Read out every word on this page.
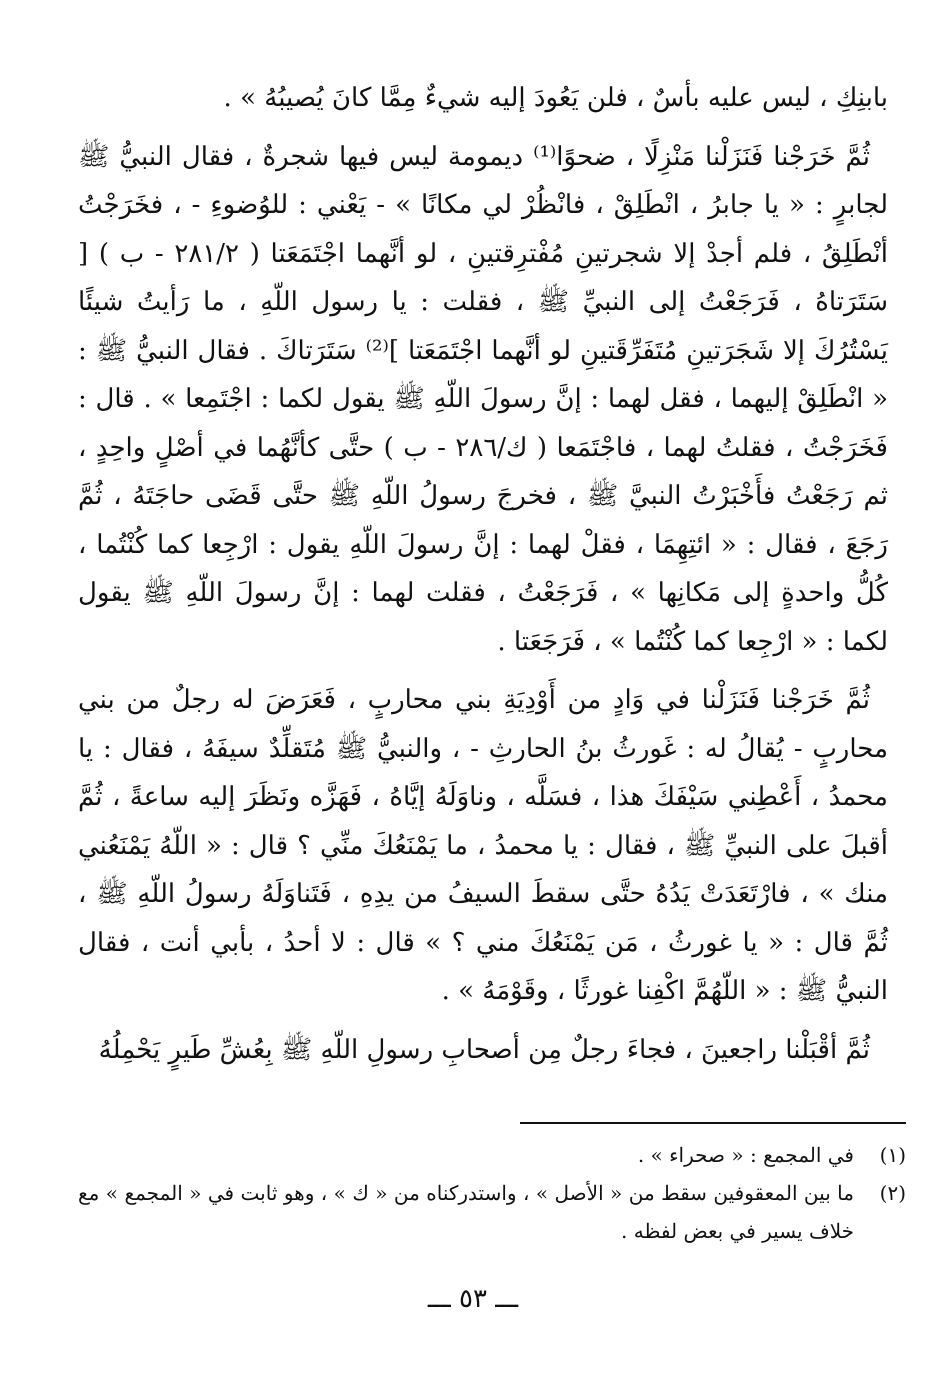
بابنِكِ ، ليس عليه بأسٌ ، فلن يَعُودَ إليه شيءٌ مِمَّا كانَ يُصيبُهُ » .

ثُمَّ خَرَجْنا فَنَزَلْنا مَنْزِلًا ، ضحوًا⁽¹⁾ ديمومة ليس فيها شجرةٌ ، فقال النبيُّ ﷺ لجابرٍ : « يا جابرُ ، انْطَلِقْ ، فانْظُرْ لي مكانًا » - يَعْني : للوُضوءِ - ، فخَرَجْتُ أنْطَلِقُ ، فلم أجدْ إلا شجرتينِ مُفْترِقتينِ ، لو أنَّهما اجْتَمَعَتا ( ٢٨١/٢ - ب ) [ سَتَرَتاهُ ، فَرَجَعْتُ إلى النبيِّ ﷺ ، فقلت : يا رسول اللّهِ ، ما رَأيتُ شيئًا يَسْتُرُكَ إلا شَجَرَتينِ مُتَفَرِّقَتينِ لو أنَّهما اجْتَمَعَتا ]⁽²⁾ سَتَرَتاكَ . فقال النبيُّ ﷺ : « انْطَلِقْ إليهما ، فقل لهما : إنَّ رسولَ اللّهِ ﷺ يقول لكما : اجْتَمِعا » . قال : فَخَرَجْتُ ، فقلتُ لهما ، فاجْتَمَعا ( ك/٢٨٦ - ب ) حتَّى كأنَّهُما في أصْلٍ واحِدٍ ، ثم رَجَعْتُ فأَخْبَرْتُ النبيَّ ﷺ ، فخرجَ رسولُ اللّهِ ﷺ حتَّى قَضَى حاجَتَهُ ، ثُمَّ رَجَعَ ، فقال : « ائتِهِمَا ، فقلْ لهما : إنَّ رسولَ اللّهِ يقول : ارْجِعا كما كُنْتُما ، كُلُّ واحدةٍ إلى مَكانِها » ، فَرَجَعْتُ ، فقلت لهما : إنَّ رسولَ اللّهِ ﷺ يقول لكما : « ارْجِعا كما كُنْتُما » ، فَرَجَعَتا .

ثُمَّ خَرَجْنا فَنَزَلْنا في وَادٍ من أَوْدِيَةِ بني محاربٍ ، فَعَرَضَ له رجلٌ من بني محاربٍ - يُقالُ له : غَورثُ بنُ الحارثِ - ، والنبيُّ ﷺ مُتَقلِّدٌ سيفَهُ ، فقال : يا محمدُ ، أَعْطِني سَيْفَكَ هذا ، فسَلَّه ، وناوَلَهُ إيَّاهُ ، فَهَزَّه ونَظَرَ إليه ساعةً ، ثُمَّ أقبلَ على النبيِّ ﷺ ، فقال : يا محمدُ ، ما يَمْنَعُكَ منِّي ؟ قال : « اللّهُ يَمْنَعُني منك » ، فارْتَعَدَتْ يَدُهُ حتَّى سقطَ السيفُ من يدِهِ ، فَتَناوَلَهُ رسولُ اللّهِ ﷺ ، ثُمَّ قال : « يا غورثُ ، مَن يَمْنَعُكَ مني ؟ » قال : لا أحدُ ، بأبي أنت ، فقال النبيُّ ﷺ : « اللّهُمَّ اكْفِنا غورثًا ، وقَوْمَهُ » .

ثُمَّ أقْبَلْنا راجعينَ ، فجاءَ رجلٌ مِن أصحابِ رسولِ اللّهِ ﷺ بِعُشِّ طَيرٍ يَحْمِلُهُ

(١)
في المجمع : « صحراء » .
(٢)
ما بين المعقوفين سقط من « الأصل » ، واستدركناه من « ك » ، وهو ثابت في « المجمع » مع خلاف يسير في بعض لفظه .
ـــ ٥٣ ـــ
